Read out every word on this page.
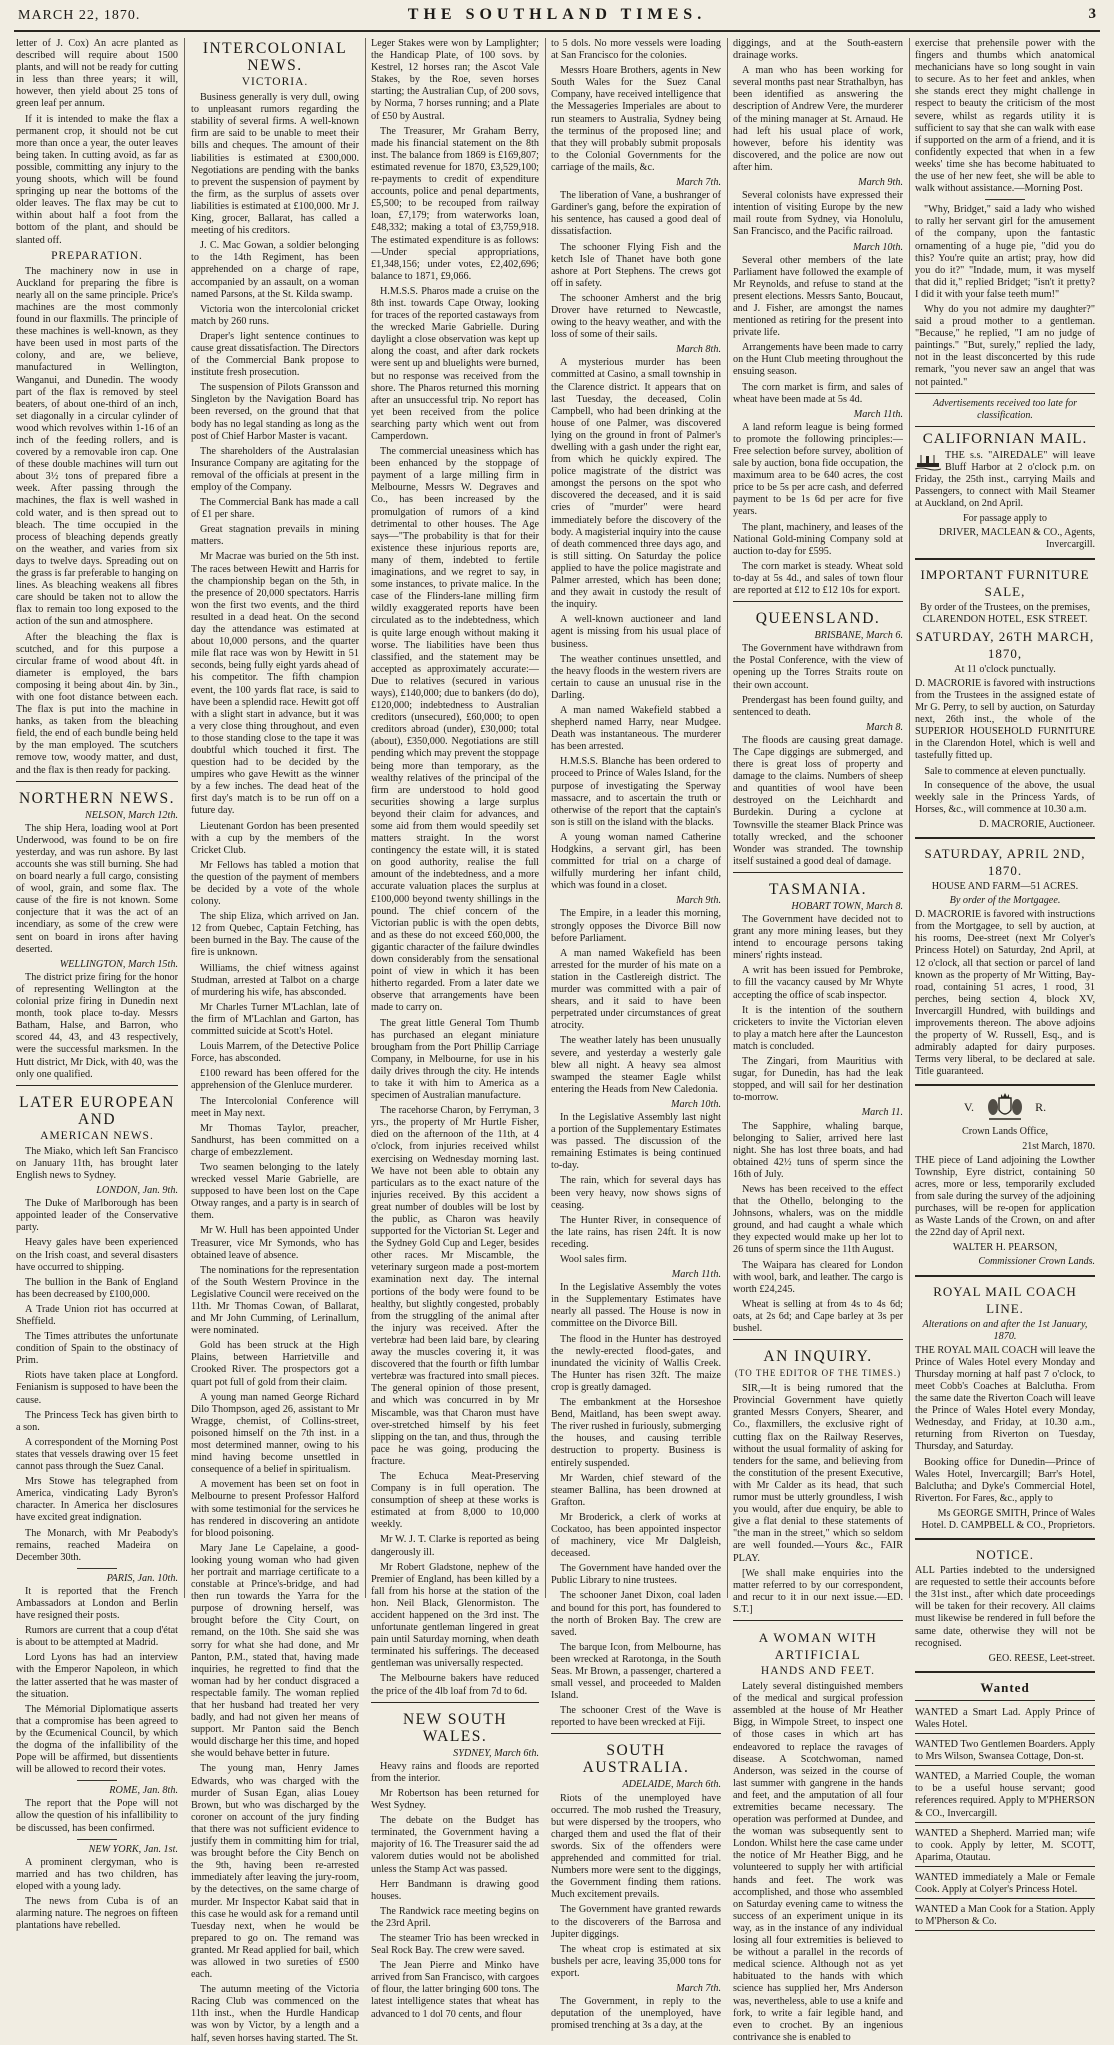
MARCH 22, 1870.	THE SOUTHLAND TIMES.	3

letter of J. Cox) An acre planted as described will require about 1500 plants, and will not be ready for cutting in less than three years; it will, however, then yield about 25 tons of green leaf per annum.

If it is intended to make the flax a permanent crop, it should not be cut more than once a year, the outer leaves being taken. In cutting avoid, as far as possible, committing any injury to the young shoots, which will be found springing up near the bottoms of the older leaves. The flax may be cut to within about half a foot from the bottom of the plant, and should be slanted off.

PREPARATION.

The machinery now in use in Auckland for preparing the fibre is nearly all on the same principle. Price's machines are the most commonly found in our flaxmills. The principle of these machines is well-known, as they have been used in most parts of the colony, and are, we believe, manufactured in Wellington, Wanganui, and Dunedin. The woody part of the flax is removed by steel beaters, of about one-third of an inch, set diagonally in a circular cylinder of wood which revolves within 1-16 of an inch of the feeding rollers, and is covered by a removable iron cap. One of these double machines will turn out about 3½ tons of prepared fibre a week. After passing through the machines, the flax is well washed in cold water, and is then spread out to bleach. The time occupied in the process of bleaching depends greatly on the weather, and varies from six days to twelve days. Spreading out on the grass is far preferable to hanging on lines. As bleaching weakens all fibres care should be taken not to allow the flax to remain too long exposed to the action of the sun and atmosphere.

After the bleaching the flax is scutched, and for this purpose a circular frame of wood about 4ft. in diameter is employed, the bars composing it being about 4in. by 3in., with one foot distance between each. The flax is put into the machine in hanks, as taken from the bleaching field, the end of each bundle being held by the man employed. The scutchers remove tow, woody matter, and dust, and the flax is then ready for packing.

NORTHERN NEWS.
NELSON, March 12th.

The ship Hera, loading wool at Port Underwood, was found to be on fire yesterday, and was run ashore. By last accounts she was still burning. She had on board nearly a full cargo, consisting of wool, grain, and some flax. The cause of the fire is not known. Some conjecture that it was the act of an incendiary, as some of the crew were sent on board in irons after having deserted.

WELLINGTON, March 15th.

The district prize firing for the honor of representing Wellington at the colonial prize firing in Dunedin next month, took place to-day. Messrs Batham, Halse, and Barron, who scored 44, 43, and 43 respectively, were the successful marksmen. In the Hutt district, Mr Dick, with 40, was the only one qualified.

LATER EUROPEAN AND
AMERICAN NEWS.

The Miako, which left San Francisco on January 11th, has brought later English news to Sydney.

LONDON, Jan. 9th.

The Duke of Marlborough has been appointed leader of the Conservative party.

Heavy gales have been experienced on the Irish coast, and several disasters have occurred to shipping.

The bullion in the Bank of England has been decreased by £100,000.

A Trade Union riot has occurred at Sheffield.

The Times attributes the unfortunate condition of Spain to the obstinacy of Prim.

Riots have taken place at Longford. Fenianism is supposed to have been the cause.

The Princess Teck has given birth to a son.

A correspondent of the Morning Post states that vessels drawing over 15 feet cannot pass through the Suez Canal.

Mrs Stowe has telegraphed from America, vindicating Lady Byron's character. In America her disclosures have excited great indignation.

The Monarch, with Mr Peabody's remains, reached Madeira on December 30th.

PARIS, Jan. 10th.

It is reported that the French Ambassadors at London and Berlin have resigned their posts.

Rumors are current that a coup d'état is about to be attempted at Madrid.

Lord Lyons has had an interview with the Emperor Napoleon, in which the latter asserted that he was master of the situation.

The Mémorial Diplomatique asserts that a compromise has been agreed to by the Œcumenical Council, by which the dogma of the infallibility of the Pope will be affirmed, but dissentients will be allowed to record their votes.

ROME, Jan. 8th.

The report that the Pope will not allow the question of his infallibility to be discussed, has been confirmed.

NEW YORK, Jan. 1st.

A prominent clergyman, who is married and has two children, has eloped with a young lady.

The news from Cuba is of an alarming nature. The negroes on fifteen plantations have rebelled.

INTERCOLONIAL NEWS.
VICTORIA.

Business generally is very dull, owing to unpleasant rumors regarding the stability of several firms. A well-known firm are said to be unable to meet their bills and cheques. The amount of their liabilities is estimated at £300,000. Negotiations are pending with the banks to prevent the suspension of payment by the firm, as the surplus of assets over liabilities is estimated at £100,000. Mr J. King, grocer, Ballarat, has called a meeting of his creditors.

J. C. Mac Gowan, a soldier belonging to the 14th Regiment, has been apprehended on a charge of rape, accompanied by an assault, on a woman named Parsons, at the St. Kilda swamp.

Victoria won the intercolonial cricket match by 260 runs.

Draper's light sentence continues to cause great dissatisfaction. The Directors of the Commercial Bank propose to institute fresh prosecution.

The suspension of Pilots Gransson and Singleton by the Navigation Board has been reversed, on the ground that that body has no legal standing as long as the post of Chief Harbor Master is vacant.

The shareholders of the Australasian Insurance Company are agitating for the removal of the officials at present in the employ of the Company.

The Commercial Bank has made a call of £1 per share.

Great stagnation prevails in mining matters.

Mr Macrae was buried on the 5th inst. The races between Hewitt and Harris for the championship began on the 5th, in the presence of 20,000 spectators. Harris won the first two events, and the third resulted in a dead heat. On the second day the attendance was estimated at about 10,000 persons, and the quarter mile flat race was won by Hewitt in 51 seconds, being fully eight yards ahead of his competitor. The fifth champion event, the 100 yards flat race, is said to have been a splendid race. Hewitt got off with a slight start in advance, but it was a very close thing throughout, and even to those standing close to the tape it was doubtful which touched it first. The question had to be decided by the umpires who gave Hewitt as the winner by a few inches. The dead heat of the first day's match is to be run off on a future day.

Lieutenant Gordon has been presented with a cup by the members of the Cricket Club.

Mr Fellows has tabled a motion that the question of the payment of members be decided by a vote of the whole colony.

The ship Eliza, which arrived on Jan. 12 from Quebec, Captain Fetching, has been burned in the Bay. The cause of the fire is unknown.

Williams, the chief witness against Studman, arrested at Talbot on a charge of murdering his wife, has absconded.

Mr Charles Turner M'Lachlan, late of the firm of M'Lachlan and Garton, has committed suicide at Scott's Hotel.

Louis Marrem, of the Detective Police Force, has absconded.

£100 reward has been offered for the apprehension of the Glenluce murderer.

The Intercolonial Conference will meet in May next.

Mr Thomas Taylor, preacher, Sandhurst, has been committed on a charge of embezzlement.

Two seamen belonging to the lately wrecked vessel Marie Gabrielle, are supposed to have been lost on the Cape Otway ranges, and a party is in search of them.

Mr W. Hull has been appointed Under Treasurer, vice Mr Symonds, who has obtained leave of absence.

The nominations for the representation of the South Western Province in the Legislative Council were received on the 11th. Mr Thomas Cowan, of Ballarat, and Mr John Cumming, of Lerinallum, were nominated.

Gold has been struck at the High Plains, between Harrietville and Crooked River. The prospectors got a quart pot full of gold from their claim.

A young man named George Richard Dilo Thompson, aged 26, assistant to Mr Wragge, chemist, of Collins-street, poisoned himself on the 7th inst. in a most determined manner, owing to his mind having become unsettled in consequence of a belief in spiritualism.

A movement has been set on foot in Melbourne to present Professor Halford with some testimonial for the services he has rendered in discovering an antidote for blood poisoning.

Mary Jane Le Capelaine, a good-looking young woman who had given her portrait and marriage certificate to a constable at Prince's-bridge, and had then run towards the Yarra for the purpose of drowning herself, was brought before the City Court, on remand, on the 10th. She said she was sorry for what she had done, and Mr Panton, P.M., stated that, having made inquiries, he regretted to find that the woman had by her conduct disgraced a respectable family. The woman replied that her husband had treated her very badly, and had not given her means of support. Mr Panton said the Bench would discharge her this time, and hoped she would behave better in future.

The young man, Henry James Edwards, who was charged with the murder of Susan Egan, alias Louey Brown, but who was discharged by the coroner on account of the jury finding that there was not sufficient evidence to justify them in committing him for trial, was brought before the City Bench on the 9th, having been re-arrested immediately after leaving the jury-room, by the detectives, on the same charge of murder. Mr Inspector Kabat said that in this case he would ask for a remand until Tuesday next, when he would be prepared to go on. The remand was granted. Mr Read applied for bail, which was allowed in two sureties of £500 each.

The autumn meeting of the Victoria Racing Club was commenced on the 11th inst., when the Hurdle Handicap was won by Victor, by a length and a half, seven horses having started. The St.

Leger Stakes were won by Lamplighter; the Handicap Plate, of 100 sovs. by Kestrel, 12 horses ran; the Ascot Vale Stakes, by the Roe, seven horses starting; the Australian Cup, of 200 sovs, by Norma, 7 horses running; and a Plate of £50 by Austral.

The Treasurer, Mr Graham Berry, made his financial statement on the 8th inst. The balance from 1869 is £169,807; estimated revenue for 1870, £3,529,100; re-payments to credit of expenditure accounts, police and penal departments, £5,500; to be recouped from railway loan, £7,179; from waterworks loan, £48,332; making a total of £3,759,918. The estimated expenditure is as follows:—Under special appropriations, £1,348,156; under votes, £2,402,696; balance to 1871, £9,066.

H.M.S.S. Pharos made a cruise on the 8th inst. towards Cape Otway, looking for traces of the reported castaways from the wrecked Marie Gabrielle. During daylight a close observation was kept up along the coast, and after dark rockets were sent up and bluelights were burned, but no response was received from the shore. The Pharos returned this morning after an unsuccessful trip. No report has yet been received from the police searching party which went out from Camperdown.

The commercial uneasiness which has been enhanced by the stoppage of payment of a large milling firm in Melbourne, Messrs W. Degraves and Co., has been increased by the promulgation of rumors of a kind detrimental to other houses. The Age says—"The probability is that for their existence these injurious reports are, many of them, indebted to fertile imaginations, and we regret to say, in some instances, to private malice. In the case of the Flinders-lane milling firm wildly exaggerated reports have been circulated as to the indebtedness, which is quite large enough without making it worse. The liabilities have been thus classified, and the statement may be accepted as approximately accurate:—Due to relatives (secured in various ways), £140,000; due to bankers (do do), £120,000; indebtedness to Australian creditors (unsecured), £60,000; to open creditors abroad (under), £30,000; total (about), £350,000. Negotiations are still pending which may prevent the stoppage being more than temporary, as the wealthy relatives of the principal of the firm are understood to hold good securities showing a large surplus beyond their claim for advances, and some aid from them would speedily set matters straight. In the worst contingency the estate will, it is stated on good authority, realise the full amount of the indebtedness, and a more accurate valuation places the surplus at £100,000 beyond twenty shillings in the pound. The chief concern of the Victorian public is with the open debts, and as these do not exceed £60,000, the gigantic character of the failure dwindles down considerably from the sensational point of view in which it has been hitherto regarded. From a later date we observe that arrangements have been made to carry on.

The great little General Tom Thumb has purchased an elegant miniature brougham from the Port Phillip Carriage Company, in Melbourne, for use in his daily drives through the city. He intends to take it with him to America as a specimen of Australian manufacture.

The racehorse Charon, by Ferryman, 3 yrs., the property of Mr Hurtle Fisher, died on the afternoon of the 11th, at 4 o'clock, from injuries received whilst exercising on Wednesday morning last. We have not been able to obtain any particulars as to the exact nature of the injuries received. By this accident a great number of doubles will be lost by the public, as Charon was heavily supported for the Victorian St. Leger and the Sydney Gold Cup and Leger, besides other races. Mr Miscamble, the veterinary surgeon made a post-mortem examination next day. The internal portions of the body were found to be healthy, but slightly congested, probably from the struggling of the animal after the injury was received. After the vertebræ had been laid bare, by clearing away the muscles covering it, it was discovered that the fourth or fifth lumbar vertebræ was fractured into small pieces. The general opinion of those present, and which was concurred in by Mr Miscamble, was that Charon must have over-stretched himself by his feet slipping on the tan, and thus, through the pace he was going, producing the fracture.

The Echuca Meat-Preserving Company is in full operation. The consumption of sheep at these works is estimated at from 8,000 to 10,000 weekly.

Mr W. J. T. Clarke is reported as being dangerously ill.

Mr Robert Gladstone, nephew of the Premier of England, has been killed by a fall from his horse at the station of the hon. Neil Black, Glenormiston. The accident happened on the 3rd inst. The unfortunate gentleman lingered in great pain until Saturday morning, when death terminated his sufferings. The deceased gentleman was universally respected.

The Melbourne bakers have reduced the price of the 4lb loaf from 7d to 6d.

NEW SOUTH WALES.
SYDNEY, March 6th.

Heavy rains and floods are reported from the interior.

Mr Robertson has been returned for West Sydney.

The debate on the Budget has terminated, the Government having a majority of 16. The Treasurer said the ad valorem duties would not be abolished unless the Stamp Act was passed.

Herr Bandmann is drawing good houses.

The Randwick race meeting begins on the 23rd April.

The steamer Trio has been wrecked in Seal Rock Bay. The crew were saved.

The Jean Pierre and Minko have arrived from San Francisco, with cargoes of flour, the latter bringing 600 tons. The latest intelligence states that wheat has advanced to 1 dol 70 cents, and flour

to 5 dols. No more vessels were loading at San Francisco for the colonies.

Messrs Hoare Brothers, agents in New South Wales for the Suez Canal Company, have received intelligence that the Messageries Imperiales are about to run steamers to Australia, Sydney being the terminus of the proposed line; and that they will probably submit proposals to the Colonial Governments for the carriage of the mails, &c.

March 7th.

The liberation of Vane, a bushranger of Gardiner's gang, before the expiration of his sentence, has caused a good deal of dissatisfaction.

The schooner Flying Fish and the ketch Isle of Thanet have both gone ashore at Port Stephens. The crews got off in safety.

The schooner Amherst and the brig Drover have returned to Newcastle, owing to the heavy weather, and with the loss of some of their sails.

March 8th.

A mysterious murder has been committed at Casino, a small township in the Clarence district. It appears that on last Tuesday, the deceased, Colin Campbell, who had been drinking at the house of one Palmer, was discovered lying on the ground in front of Palmer's dwelling with a gash under the right ear, from which he quickly expired. The police magistrate of the district was amongst the persons on the spot who discovered the deceased, and it is said cries of "murder" were heard immediately before the discovery of the body. A magisterial inquiry into the cause of death commenced three days ago, and is still sitting. On Saturday the police applied to have the police magistrate and Palmer arrested, which has been done; and they await in custody the result of the inquiry.

A well-known auctioneer and land agent is missing from his usual place of business.

The weather continues unsettled, and the heavy floods in the western rivers are certain to cause an unusual rise in the Darling.

A man named Wakefield stabbed a shepherd named Harry, near Mudgee. Death was instantaneous. The murderer has been arrested.

H.M.S.S. Blanche has been ordered to proceed to Prince of Wales Island, for the purpose of investigating the Sperway massacre, and to ascertain the truth or otherwise of the report that the captain's son is still on the island with the blacks.

A young woman named Catherine Hodgkins, a servant girl, has been committed for trial on a charge of wilfully murdering her infant child, which was found in a closet.

March 9th.

The Empire, in a leader this morning, strongly opposes the Divorce Bill now before Parliament.

A man named Wakefield has been arrested for the murder of his mate on a station in the Castlereigh district. The murder was committed with a pair of shears, and it said to have been perpetrated under circumstances of great atrocity.

The weather lately has been unusually severe, and yesterday a westerly gale blew all night. A heavy sea almost swamped the steamer Eagle whilst entering the Heads from New Caledonia.

March 10th.

In the Legislative Assembly last night a portion of the Supplementary Estimates was passed. The discussion of the remaining Estimates is being continued to-day.

The rain, which for several days has been very heavy, now shows signs of ceasing.

The Hunter River, in consequence of the late rains, has risen 24ft. It is now receding.

Wool sales firm.

March 11th.

In the Legislative Assembly the votes in the Supplementary Estimates have nearly all passed. The House is now in committee on the Divorce Bill.

The flood in the Hunter has destroyed the newly-erected flood-gates, and inundated the vicinity of Wallis Creek. The Hunter has risen 32ft. The maize crop is greatly damaged.

The embankment at the Horseshoe Bend, Maitland, has been swept away. The river rushed in furiously, submerging the houses, and causing terrible destruction to property. Business is entirely suspended.

Mr Warden, chief steward of the steamer Ballina, has been drowned at Grafton.

Mr Broderick, a clerk of works at Cockatoo, has been appointed inspector of machinery, vice Mr Dalgleish, deceased.

The Government have handed over the Public Library to nine trustees.

The schooner Janet Dixon, coal laden and bound for this port, has foundered to the north of Broken Bay. The crew are saved.

The barque Icon, from Melbourne, has been wrecked at Rarotonga, in the South Seas. Mr Brown, a passenger, chartered a small vessel, and proceeded to Malden Island.

The schooner Crest of the Wave is reported to have been wrecked at Fiji.

SOUTH AUSTRALIA.
ADELAIDE, March 6th.

Riots of the unemployed have occurred. The mob rushed the Treasury, but were dispersed by the troopers, who charged them and used the flat of their swords. Six of the offenders were apprehended and committed for trial. Numbers more were sent to the diggings, the Government finding them rations. Much excitement prevails.

The Government have granted rewards to the discoverers of the Barrosa and Jupiter diggings.

The wheat crop is estimated at six bushels per acre, leaving 35,000 tons for export.

March 7th.

The Government, in reply to the deputation of the unemployed, have promised trenching at 3s a day, at the

diggings, and at the South-eastern drainage works.

A man who has been working for several months past near Strathalbyn, has been identified as answering the description of Andrew Vere, the murderer of the mining manager at St. Arnaud. He had left his usual place of work, however, before his identity was discovered, and the police are now out after him.

March 9th.

Several colonists have expressed their intention of visiting Europe by the new mail route from Sydney, via Honolulu, San Francisco, and the Pacific railroad.

March 10th.

Several other members of the late Parliament have followed the example of Mr Reynolds, and refuse to stand at the present elections. Messrs Santo, Boucaut, and J. Fisher, are amongst the names mentioned as retiring for the present into private life.

Arrangements have been made to carry on the Hunt Club meeting throughout the ensuing season.

The corn market is firm, and sales of wheat have been made at 5s 4d.

March 11th.

A land reform league is being formed to promote the following principles:—Free selection before survey, abolition of sale by auction, bona fide occupation, the maximum area to be 640 acres, the cost price to be 5s per acre cash, and deferred payment to be 1s 6d per acre for five years.

The plant, machinery, and leases of the National Gold-mining Company sold at auction to-day for £595.

The corn market is steady. Wheat sold to-day at 5s 4d., and sales of town flour are reported at £12 to £12 10s for export.

QUEENSLAND.
BRISBANE, March 6.

The Government have withdrawn from the Postal Conference, with the view of opening up the Torres Straits route on their own account.

Prendergast has been found guilty, and sentenced to death.

March 8.

The floods are causing great damage. The Cape diggings are submerged, and there is great loss of property and damage to the claims. Numbers of sheep and quantities of wool have been destroyed on the Leichhardt and Burdekin. During a cyclone at Townsville the steamer Black Prince was totally wrecked, and the schooner Wonder was stranded. The township itself sustained a good deal of damage.

TASMANIA.
HOBART TOWN, March 8.

The Government have decided not to grant any more mining leases, but they intend to encourage persons taking miners' rights instead.

A writ has been issued for Pembroke, to fill the vacancy caused by Mr Whyte accepting the office of scab inspector.

It is the intention of the southern cricketers to invite the Victorian eleven to play a match here after the Launceston match is concluded.

The Zingari, from Mauritius with sugar, for Dunedin, has had the leak stopped, and will sail for her destination to-morrow.

March 11.

The Sapphire, whaling barque, belonging to Salier, arrived here last night. She has lost three boats, and had obtained 42½ tuns of sperm since the 16th of July.

News has been received to the effect that the Othello, belonging to the Johnsons, whalers, was on the middle ground, and had caught a whale which they expected would make up her lot to 26 tuns of sperm since the 11th August.

The Waipara has cleared for London with wool, bark, and leather. The cargo is worth £24,245.

Wheat is selling at from 4s to 4s 6d; oats, at 2s 6d; and Cape barley at 3s per bushel.

AN INQUIRY.
(TO THE EDITOR OF THE TIMES.)

SIR,—It is being rumored that the Provincial Government have quietly granted Messrs Conyers, Shearer, and Co., flaxmillers, the exclusive right of cutting flax on the Railway Reserves, without the usual formality of asking for tenders for the same, and believing from the constitution of the present Executive, with Mr Calder as its head, that such rumor must be utterly groundless, I wish you would, after due enquiry, be able to give a flat denial to these statements of "the man in the street," which so seldom are well founded.—Yours &c., FAIR PLAY.

[We shall make enquiries into the matter referred to by our correspondent, and recur to it in our next issue.—ED. S.T.]

A WOMAN WITH ARTIFICIAL
HANDS AND FEET.

Lately several distinguished members of the medical and surgical profession assembled at the house of Mr Heather Bigg, in Wimpole Street, to inspect one of those cases in which art has endeavored to replace the ravages of disease. A Scotchwoman, named Anderson, was seized in the course of last summer with gangrene in the hands and feet, and the amputation of all four extremities became necessary. The operation was performed at Dundee, and the woman was subsequently sent to London. Whilst here the case came under the notice of Mr Heather Bigg, and he volunteered to supply her with artificial hands and feet. The work was accomplished, and those who assembled on Saturday evening came to witness the success of an experiment unique in its way, as in the instance of any individual losing all four extremities is believed to be without a parallel in the records of medical science. Although not as yet habituated to the hands with which science has supplied her, Mrs Anderson was, nevertheless, able to use a knife and fork, to write a fair legible hand, and even to crochet. By an ingenious contrivance she is enabled to

exercise that prehensile power with the fingers and thumbs which anatomical mechanicians have so long sought in vain to secure. As to her feet and ankles, when she stands erect they might challenge in respect to beauty the criticism of the most severe, whilst as regards utility it is sufficient to say that she can walk with ease if supported on the arm of a friend, and it is confidently expected that when in a few weeks' time she has become habituated to the use of her new feet, she will be able to walk without assistance.—Morning Post.

"Why, Bridget," said a lady who wished to rally her servant girl for the amusement of the company, upon the fantastic ornamenting of a huge pie, "did you do this? You're quite an artist; pray, how did you do it?" "Indade, mum, it was myself that did it," replied Bridget; "isn't it pretty? I did it with your false teeth mum!"

Why do you not admire my daughter?" said a proud mother to a gentleman. "Because," he replied, "I am no judge of paintings." "But, surely," replied the lady, not in the least disconcerted by this rude remark, "you never saw an angel that was not painted."

Advertisements received too late for classification.
CALIFORNIAN MAIL.

THE s.s. "AIREDALE" will leave Bluff Harbor at 2 o'clock p.m. on Friday, the 25th inst., carrying Mails and Passengers, to connect with Mail Steamer at Auckland, on 2nd April.

For passage apply to
DRIVER, MACLEAN & CO., Agents, Invercargill.
IMPORTANT FURNITURE SALE,
By order of the Trustees, on the premises, CLARENDON HOTEL, ESK STREET.
SATURDAY, 26TH MARCH, 1870,
At 11 o'clock punctually.

D. MACRORIE is favored with instructions from the Trustees in the assigned estate of Mr G. Perry, to sell by auction, on Saturday next, 26th inst., the whole of the SUPERIOR HOUSEHOLD FURNITURE in the Clarendon Hotel, which is well and tastefully fitted up.

Sale to commence at eleven punctually.

In consequence of the above, the usual weekly sale in the Princess Yards, of Horses, &c., will commence at 10.30 a.m.

D. MACRORIE, Auctioneer.
SATURDAY, APRIL 2ND, 1870.
HOUSE AND FARM—51 ACRES.
By order of the Mortgagee.

D. MACRORIE is favored with instructions from the Mortgagee, to sell by auction, at his rooms, Dee-street (next Mr Colyer's Princess Hotel) on Saturday, 2nd April, at 12 o'clock, all that section or parcel of land known as the property of Mr Witting, Bay-road, containing 51 acres, 1 rood, 31 perches, being section 4, block XV, Invercargill Hundred, with buildings and improvements thereon. The above adjoins the property of W. Russell, Esq., and is admirably adapted for dairy purposes. Terms very liberal, to be declared at sale. Title guaranteed.

V.	R.
Crown Lands Office,
21st March, 1870.

THE piece of Land adjoining the Lowther Township, Eyre district, containing 50 acres, more or less, temporarily excluded from sale during the survey of the adjoining purchases, will be re-open for application as Waste Lands of the Crown, on and after the 22nd day of April next.

WALTER H. PEARSON,
Commissioner Crown Lands.
ROYAL MAIL COACH LINE.
Alterations on and after the 1st January, 1870.

THE ROYAL MAIL COACH will leave the Prince of Wales Hotel every Monday and Thursday morning at half past 7 o'clock, to meet Cobb's Coaches at Balclutha. From the same date the Riverton Coach will leave the Prince of Wales Hotel every Monday, Wednesday, and Friday, at 10.30 a.m., returning from Riverton on Tuesday, Thursday, and Saturday.

Booking office for Dunedin—Prince of Wales Hotel, Invercargill; Barr's Hotel, Balclutha; and Dyke's Commercial Hotel, Riverton. For Fares, &c., apply to

Ms GEORGE SMITH, Prince of Wales Hotel. D. CAMPBELL & CO., Proprietors.
NOTICE.

ALL Parties indebted to the undersigned are requested to settle their accounts before the 31st inst., after which date proceedings will be taken for their recovery. All claims must likewise be rendered in full before the same date, otherwise they will not be recognised.

GEO. REESE, Leet-street.
Wanted

WANTED a Smart Lad. Apply Prince of Wales Hotel.

WANTED Two Gentlemen Boarders. Apply to Mrs Wilson, Swansea Cottage, Don-st.

WANTED, a Married Couple, the woman to be a useful house servant; good references required. Apply to M'PHERSON & CO., Invercargill.

WANTED a Shepherd. Married man; wife to cook. Apply by letter, M. SCOTT, Aparima, Otautau.

WANTED immediately a Male or Female Cook. Apply at Colyer's Princess Hotel.

WANTED a Man Cook for a Station. Apply to M'Pherson & Co.
